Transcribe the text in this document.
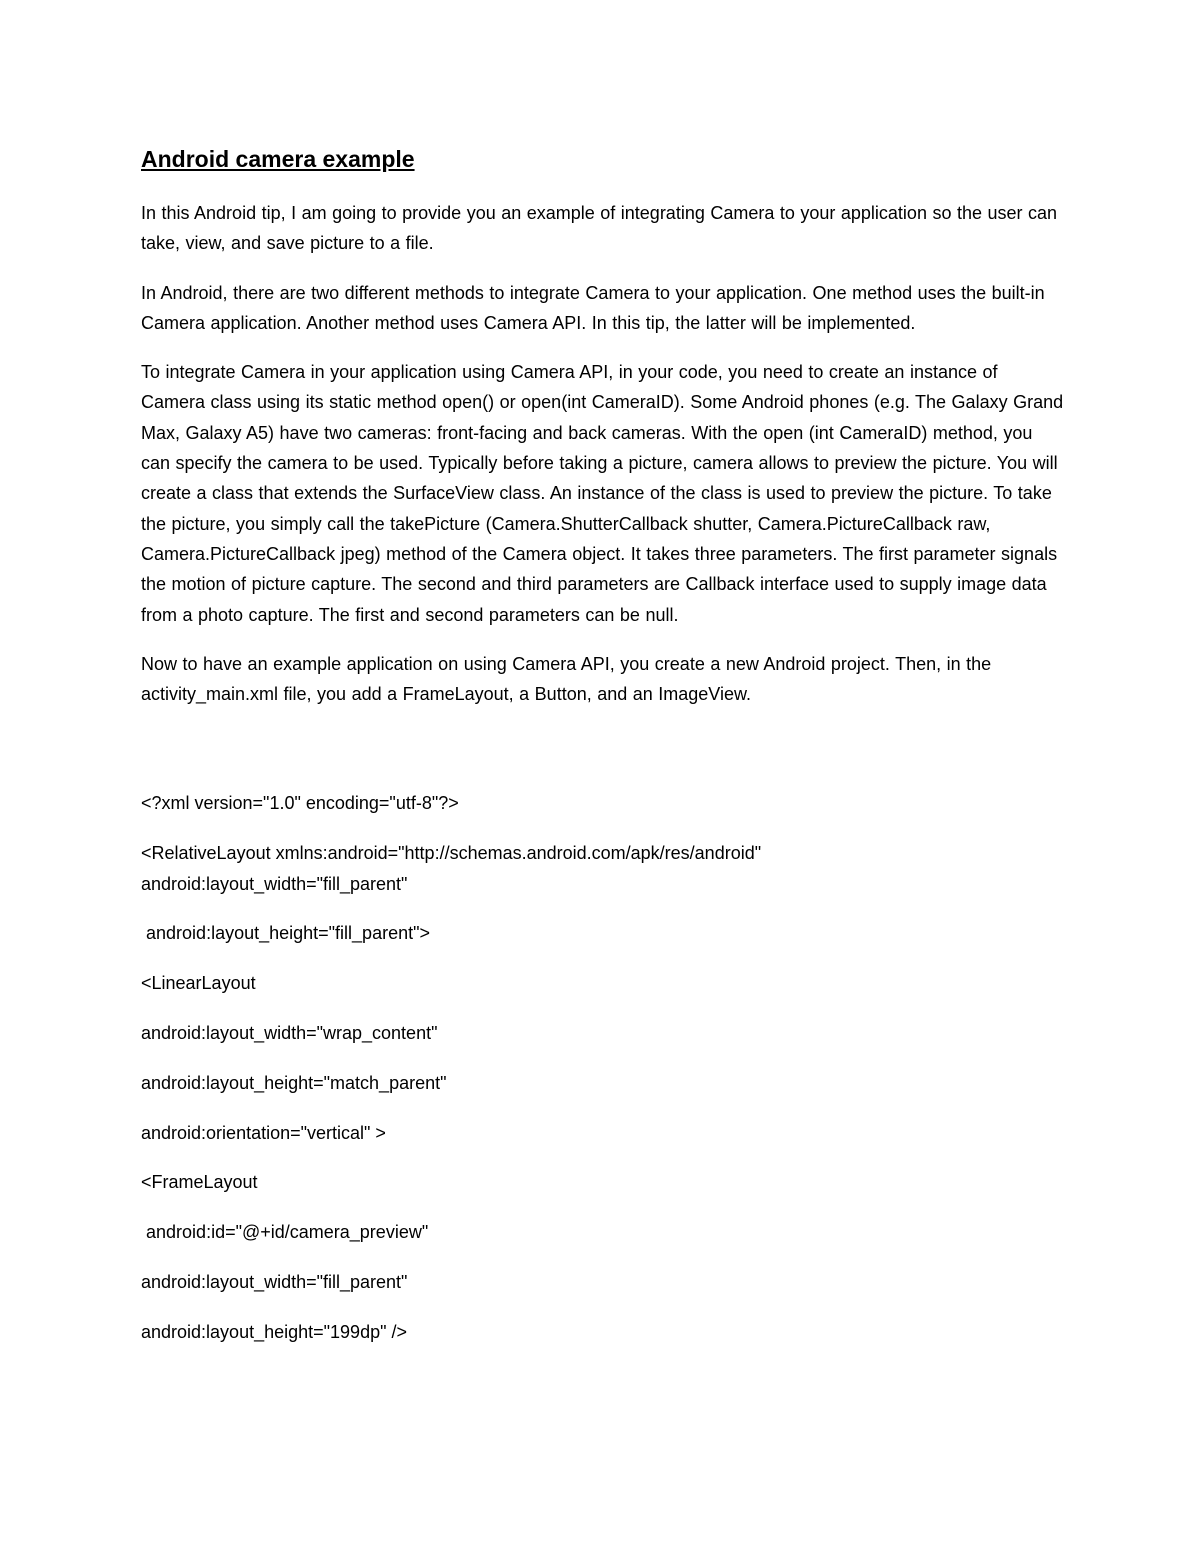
Android camera example

In this Android tip, I am going to provide you an example of integrating Camera to your application so the user can take, view, and save picture to a file.

In Android, there are two different methods to integrate Camera to your application. One method uses the built-in Camera application. Another method uses Camera API. In this tip, the latter will be implemented.

To integrate Camera in your application using Camera API, in your code, you need to create an instance of Camera class using its static method open() or open(int CameraID). Some Android phones (e.g. The Galaxy Grand Max, Galaxy A5) have two cameras: front-facing and back cameras. With the open (int CameraID) method, you can specify the camera to be used. Typically before taking a picture, camera allows to preview the picture. You will create a class that extends the SurfaceView class. An instance of the class is used to preview the picture. To take the picture, you simply call the takePicture (Camera.ShutterCallback shutter, Camera.PictureCallback raw, Camera.PictureCallback jpeg) method of the Camera object. It takes three parameters. The first parameter signals the motion of picture capture. The second and third parameters are Callback interface used to supply image data from a photo capture. The first and second parameters can be null.

Now to have an example application on using Camera API, you create a new Android project. Then, in the activity_main.xml file, you add a FrameLayout, a Button, and an ImageView.

<?xml version="1.0" encoding="utf-8"?>
<RelativeLayout xmlns:android="http://schemas.android.com/apk/res/android"
android:layout_width="fill_parent"
android:layout_height="fill_parent">
<LinearLayout
android:layout_width="wrap_content"
android:layout_height="match_parent"
android:orientation="vertical" >
<FrameLayout
android:id="@+id/camera_preview"
android:layout_width="fill_parent"
android:layout_height="199dp" />
